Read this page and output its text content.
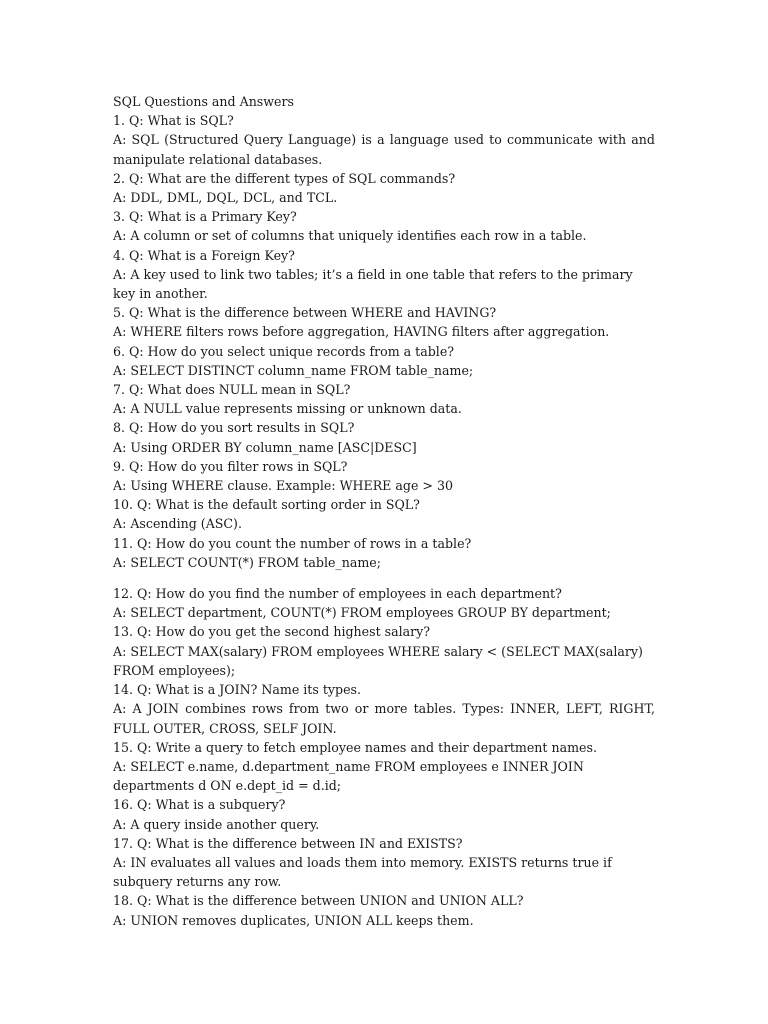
SQL Questions and Answers

1. Q: What is SQL?

A: SQL (Structured Query Language) is a language used to communicate with and manipulate relational databases.

2. Q: What are the different types of SQL commands?

A: DDL, DML, DQL, DCL, and TCL.

3. Q: What is a Primary Key?

A: A column or set of columns that uniquely identifies each row in a table.

4. Q: What is a Foreign Key?

A: A key used to link two tables; it’s a field in one table that refers to the primary key in another.

5. Q: What is the difference between WHERE and HAVING?

A: WHERE filters rows before aggregation, HAVING filters after aggregation.

6. Q: How do you select unique records from a table?

A: SELECT DISTINCT column_name FROM table_name;

7. Q: What does NULL mean in SQL?

A: A NULL value represents missing or unknown data.

8. Q: How do you sort results in SQL?

A: Using ORDER BY column_name [ASC|DESC]

9. Q: How do you filter rows in SQL?

A: Using WHERE clause. Example: WHERE age > 30

10. Q: What is the default sorting order in SQL?

A: Ascending (ASC).

11. Q: How do you count the number of rows in a table?

A: SELECT COUNT(*) FROM table_name;

12. Q: How do you find the number of employees in each department?

A: SELECT department, COUNT(*) FROM employees GROUP BY department;

13. Q: How do you get the second highest salary?

A: SELECT MAX(salary) FROM employees WHERE salary < (SELECT MAX(salary) FROM employees);

14. Q: What is a JOIN? Name its types.

A: A JOIN combines rows from two or more tables. Types: INNER, LEFT, RIGHT, FULL OUTER, CROSS, SELF JOIN.

15. Q: Write a query to fetch employee names and their department names.

A: SELECT e.name, d.department_name FROM employees e INNER JOIN departments d ON e.dept_id = d.id;

16. Q: What is a subquery?

A: A query inside another query.

17. Q: What is the difference between IN and EXISTS?

A: IN evaluates all values and loads them into memory. EXISTS returns true if subquery returns any row.

18. Q: What is the difference between UNION and UNION ALL?

A: UNION removes duplicates, UNION ALL keeps them.
